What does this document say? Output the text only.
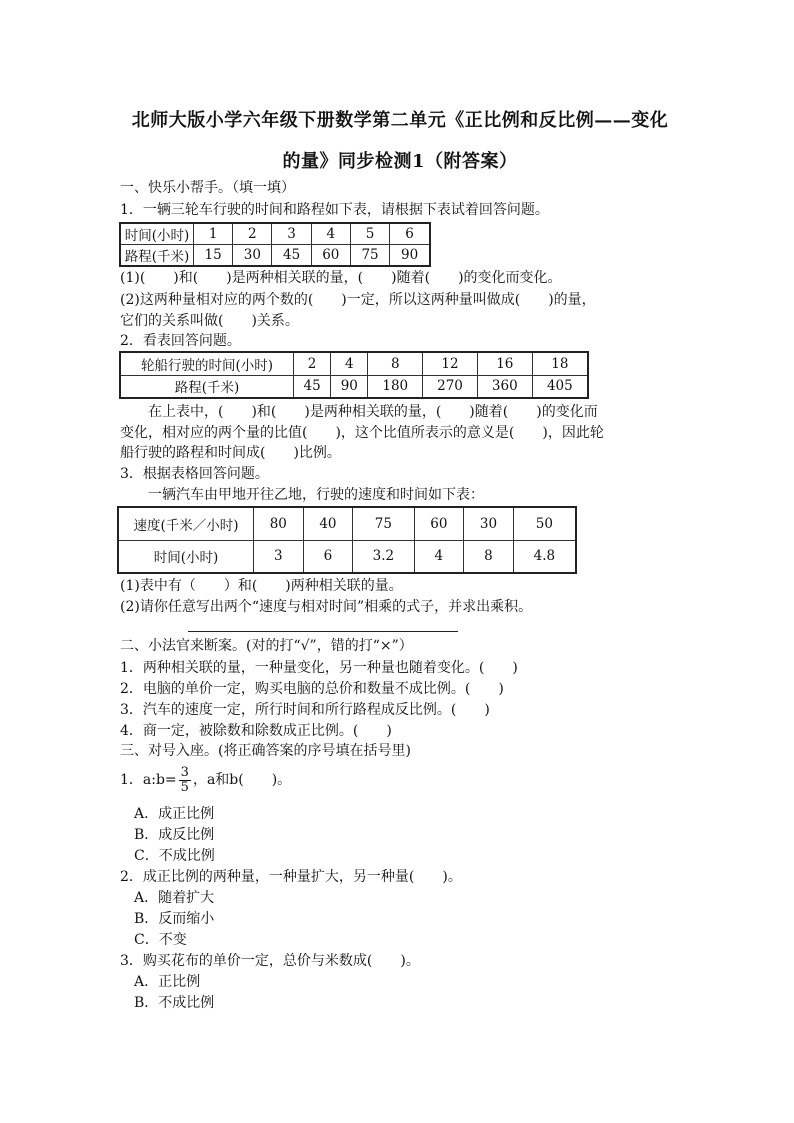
北师大版小学六年级下册数学第二单元《正比例和反比例——变化
的量》同步检测1（附答案）
一、快乐小帮手。（填一填）
1．一辆三轮车行驶的时间和路程如下表，请根据下表试着回答问题。
时间(小时)	1	2	3	4	5	6
路程(千米)	15	30	45	60	75	90
(1)(　　)和(　　)是两种相关联的量，(　　)随着(　　)的变化而变化。
(2)这两种量相对应的两个数的(　　)一定，所以这两种量叫做成(　　)的量，
它们的关系叫做(　　)关系。
2．看表回答问题。
轮船行驶的时间(小时)	2	4	8	12	16	18
路程(千米)	45	90	180	270	360	405
在上表中，(　　)和(　　)是两种相关联的量，(　　)随着(　　)的变化而
变化，相对应的两个量的比值(　　)，这个比值所表示的意义是(　　)，因此轮
船行驶的路程和时间成(　　)比例。
3．根据表格回答问题。
一辆汽车由甲地开往乙地，行驶的速度和时间如下表：
速度(千米／小时)	80	40	75	60	30	50
时间(小时)	3	6	3.2	4	8	4.8
(1)表中有（　　）和(　　)两种相关联的量。
(2)请你任意写出两个“速度与相对时间”相乘的式子，并求出乘积。
二、小法官来断案。(对的打“√”，错的打“×”）
1．两种相关联的量，一种量变化，另一种量也随着变化。(　　)
2．电脑的单价一定，购买电脑的总价和数量不成比例。(　　)
3．汽车的速度一定，所行时间和所行路程成反比例。(　　)
4．商一定，被除数和除数成正比例。(　　)
三、对号入座。(将正确答案的序号填在括号里)
1．a:b= $\frac{3}{5}$ ，a和b(　　)。
A．成正比例
B．成反比例
C．不成比例
2．成正比例的两种量，一种量扩大，另一种量(　　)。
A．随着扩大
B．反而缩小
C．不变
3．购买花布的单价一定，总价与米数成(　　)。
A．正比例
B．不成比例
